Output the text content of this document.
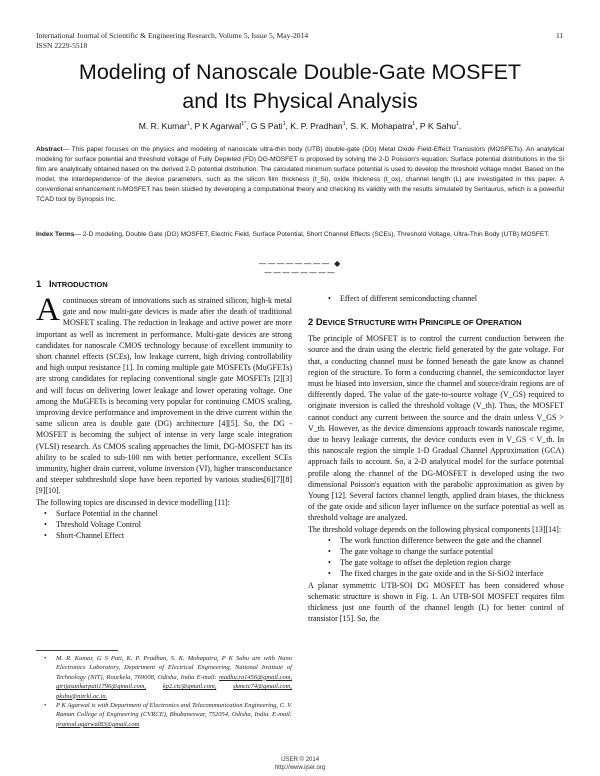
International Journal of Scientific & Engineering Research, Volume 5, Issue 5, May-2014
ISSN 2229-5518
11
Modeling of Nanoscale Double-Gate MOSFET
and Its Physical Analysis
M. R. Kumar$^1$, P K Agarwal$^{1*}$, G S Pati$^1$, K. P. Pradhan$^1$, S. K. Mohapatra$^1$, P K Sahu$^1$.
Abstract— This paper focuses on the physics and modeling of nanoscale ultra-thin body (UTB) double-gate (DG) Metal Oxide Field-Effect Transistors (MOSFETs). An analytical modeling for surface potential and threshold voltage of Fully Depleted (FD) DG-MOSFET is proposed by solving the 2-D Poisson's equation. Surface potential distributions in the Si film are analytically obtained based on the derived 2-D potential distribution. The calculated minimum surface potential is used to develop the threshold voltage model. Based on the model, the interdependence of the device parameters, such as the silicon film thickness (t_Si), oxide thickness (t_ox), channel length (L) are investigated in this paper. A conventional enhancement n-MOSFET has been studied by developing a computational theory and checking its validity with the results simulated by Sentaurus, which is a powerful TCAD tool by Synopsis Inc.
Index Terms— 2-D modeling, Double Gate (DG) MOSFET, Electric Field, Surface Potential, Short Channel Effects (SCEs), Threshold Voltage, Ultra-Thin Body (UTB) MOSFET.
———————— ◆ ————————
1 INTRODUCTION
Acontinuous stream of innovations such as strained silicon, high-k metal gate and now multi-gate devices is made after the death of traditional MOSFET scaling. The reduction in leakage and active power are more important as well as increment in performance. Multi-gate devices are strong candidates for nanoscale CMOS technology because of excellent immunity to short channel effects (SCEs), low leakage current, high driving controllability and high output resistance [1]. In coming multiple gate MOSFETs (MuGFETs) are strong candidates for replacing conventional single gate MOSFETs [2][3] and will focus on delivering lower leakage and lower operating voltage. One among the MuGFETs is becoming very popular for continuing CMOS scaling, improving device performance and improvement in the drive current within the same silicon area is double gate (DG) architecture [4][5]. So, the DG -MOSFET is becoming the subject of intense in very large scale integration (VLSI) research. As CMOS scaling approaches the limit, DG-MOSFET has its ability to be scaled to sub-100 nm with better performance, excellent SCEs immunity, higher drain current, volume inversion (VI), higher transconductance and steeper subthreshold slope have been reported by various studies[6][7][8][9][10].
The following topics are discussed in device modelling [11]:
• Surface Potential in the channel
• Threshold Voltage Control
• Short-Channel Effect
• M. R. Kumar, G S Pati, K. P. Pradhan, S. K. Mohapatra, P K Sahu are with Nano Electronics Laboratory, Department of Electrical Engineering, National Institute of Technology (NIT), Rourkela, 769008, Odisha, India E-mail: madhu.ra1456@gmail.com, girijasankarpati1796@gmail.com,	kp2.ctc@gmail.com,	skmctc74@gmail.com, pkshu@nitrkl.ac.in.
• P K Agarwal is with Department of Electronics and Telecommunication Engineering, C. V. Raman College of Engineering (CVRCE), Bhubaneswar, 752054, Odisha, India. E-mail: pramod.agarwal83@gmail.com
• Effect of different semiconducting channel
2 DEVICE STRUCTURE WITH PRINCIPLE OF OPERATION
The principle of MOSFET is to control the current conduction between the source and the drain using the electric field generated by the gate voltage. For that, a conducting channel must be formed beneath the gate know as channel region of the structure. To form a conducting channel, the semiconductor layer must be biased into inversion, since the channel and source/drain regions are of differently doped. The value of the gate-to-source voltage (V_GS) required to originate inversion is called the threshold voltage (V_th). Thus, the MOSFET cannot conduct any current between the source and the drain unless V_GS > V_th. However, as the device dimensions approach towards nanoscale regime, due to heavy leakage currents, the device conducts even in V_GS < V_th. In this nanoscale region the simple 1-D Gradual Channel Approximation (GCA) approach fails to account. So, a 2-D analytical model for the surface potential profile along the channel of the DG-MOSFET is developed using the two dimensional Poisson's equation with the parabolic approximation as given by Young [12]. Several factors channel length, applied drain biases, the thickness of the gate oxide and silicon layer influence on the surface potential as well as threshold voltage are analyzed.
The threshold voltage depends on the following physical components [13][14]:
• The work function difference between the gate and the channel
• The gate voltage to change the surface potential
• The gate voltage to offset the depletion region charge
• The fixed charges in the gate oxide and in the Si-SiO2 interface
A planar symmetric UTB-SOI DG MOSFET has been considered whose schematic structure is shown in Fig. 1. An UTB-SOI MOSFET requires film thickness just one fourth of the channel length (L) for better control of transistor [15]. So, the
IJSER © 2014
http://www.ijser.org
